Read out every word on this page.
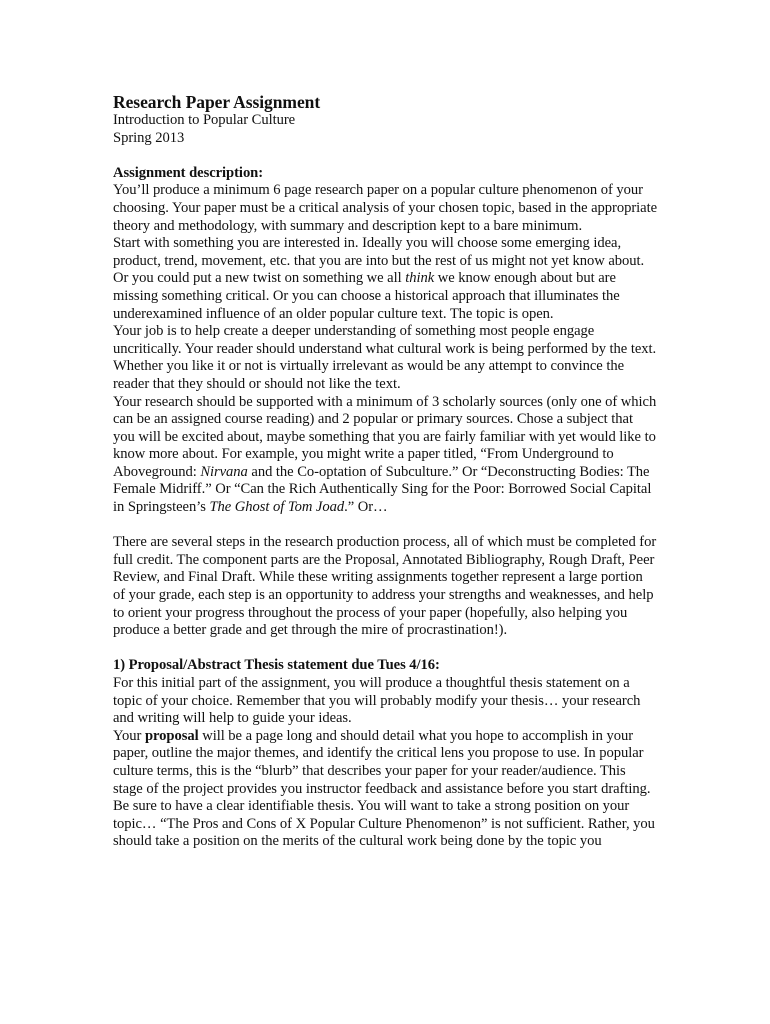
Research Paper Assignment

Introduction to Popular Culture

Spring 2013

Assignment description:

You’ll produce a minimum 6 page research paper on a popular culture phenomenon of your choosing. Your paper must be a critical analysis of your chosen topic, based in the appropriate theory and methodology, with summary and description kept to a bare minimum.

Start with something you are interested in. Ideally you will choose some emerging idea, product, trend, movement, etc. that you are into but the rest of us might not yet know about. Or you could put a new twist on something we all think we know enough about but are missing something critical. Or you can choose a historical approach that illuminates the underexamined influence of an older popular culture text. The topic is open.

Your job is to help create a deeper understanding of something most people engage uncritically. Your reader should understand what cultural work is being performed by the text. Whether you like it or not is virtually irrelevant as would be any attempt to convince the reader that they should or should not like the text.

Your research should be supported with a minimum of 3 scholarly sources (only one of which can be an assigned course reading) and 2 popular or primary sources. Chose a subject that you will be excited about, maybe something that you are fairly familiar with yet would like to know more about. For example, you might write a paper titled, “From Underground to Aboveground: Nirvana and the Co-optation of Subculture.” Or “Deconstructing Bodies: The Female Midriff.” Or “Can the Rich Authentically Sing for the Poor: Borrowed Social Capital in Springsteen’s The Ghost of Tom Joad.” Or…

There are several steps in the research production process, all of which must be completed for full credit. The component parts are the Proposal, Annotated Bibliography, Rough Draft, Peer Review, and Final Draft. While these writing assignments together represent a large portion of your grade, each step is an opportunity to address your strengths and weaknesses, and help to orient your progress throughout the process of your paper (hopefully, also helping you produce a better grade and get through the mire of procrastination!).

1) Proposal/Abstract Thesis statement due Tues 4/16:

For this initial part of the assignment, you will produce a thoughtful thesis statement on a topic of your choice. Remember that you will probably modify your thesis… your research and writing will help to guide your ideas.

Your proposal will be a page long and should detail what you hope to accomplish in your paper, outline the major themes, and identify the critical lens you propose to use. In popular culture terms, this is the “blurb” that describes your paper for your reader/audience. This stage of the project provides you instructor feedback and assistance before you start drafting.

Be sure to have a clear identifiable thesis. You will want to take a strong position on your topic… “The Pros and Cons of X Popular Culture Phenomenon” is not sufficient. Rather, you should take a position on the merits of the cultural work being done by the topic you
